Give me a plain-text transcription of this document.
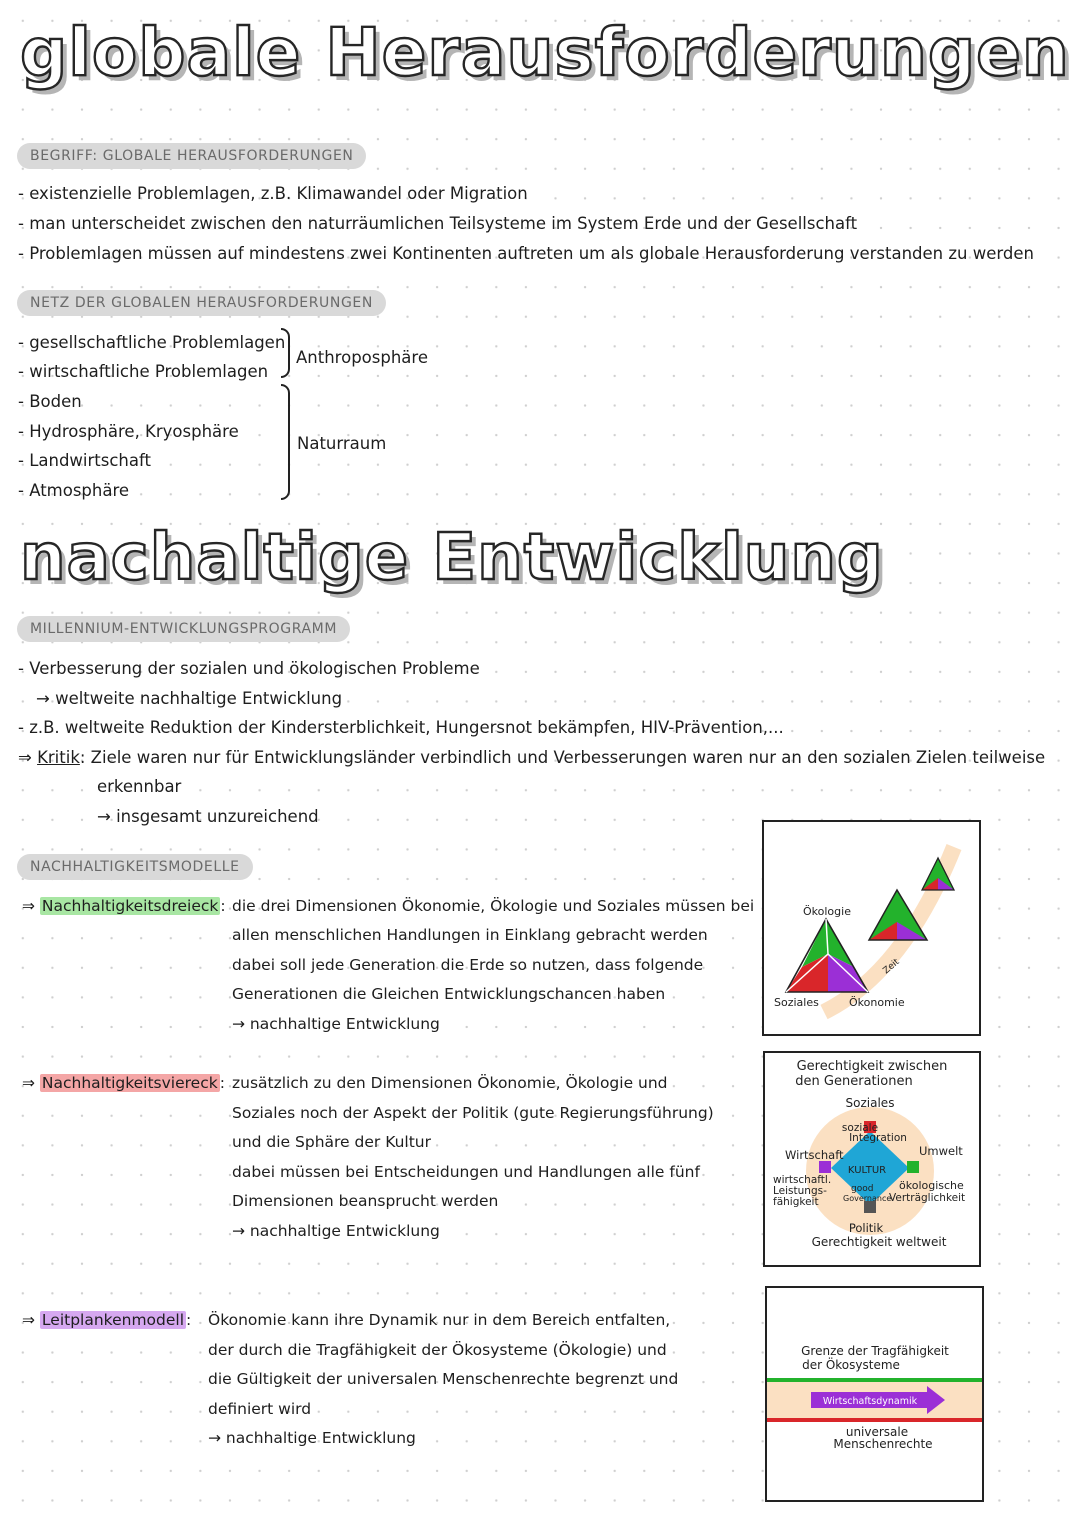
globale Herausforderungen
BEGRIFF: GLOBALE HERAUSFORDERUNGEN
- existenzielle Problemlagen, z.B. Klimawandel oder Migration
- man unterscheidet zwischen den naturräumlichen Teilsysteme im System Erde und der Gesellschaft
- Problemlagen müssen auf mindestens zwei Kontinenten auftreten um als globale Herausforderung verstanden zu werden
NETZ DER GLOBALEN HERAUSFORDERUNGEN
- gesellschaftliche Problemlagen
- wirtschaftliche Problemlagen
- Boden
- Hydrosphäre, Kryosphäre
- Landwirtschaft
- Atmosphäre
Anthroposphäre
Naturraum
nachaltige Entwicklung
MILLENNIUM-ENTWICKLUNGSPROGRAMM
- Verbesserung der sozialen und ökologischen Probleme
→ weltweite nachhaltige Entwicklung
- z.B. weltweite Reduktion der Kindersterblichkeit, Hungersnot bekämpfen, HIV-Prävention,...
⇒ Kritik: Ziele waren nur für Entwicklungsländer verbindlich und Verbesserungen waren nur an den sozialen Zielen teilweise
erkennbar
→ insgesamt unzureichend
NACHHALTIGKEITSMODELLE
⇒ Nachhaltigkeitsdreieck : die drei Dimensionen Ökonomie, Ökologie und Soziales müssen bei
allen menschlichen Handlungen in Einklang gebracht werden
dabei soll jede Generation die Erde so nutzen, dass folgende
Generationen die Gleichen Entwicklungschancen haben
→ nachhaltige Entwicklung
⇒ Nachhaltigkeitsviereck : zusätzlich zu den Dimensionen Ökonomie, Ökologie und
Soziales noch der Aspekt der Politik (gute Regierungsführung)
und die Sphäre der Kultur
dabei müssen bei Entscheidungen und Handlungen alle fünf
Dimensionen beansprucht werden
→ nachhaltige Entwicklung
⇒ Leitplankenmodell : Ökonomie kann ihre Dynamik nur in dem Bereich entfalten,
der durch die Tragfähigkeit der Ökosysteme (Ökologie) und
die Gültigkeit der universalen Menschenrechte begrenzt und
definiert wird
→ nachhaltige Entwicklung
Ökologie
Soziales	Ökonomie
Zeit
Gerechtigkeit zwischen
den Generationen
Soziales
soziale
Integration
Wirtschaft	Umwelt
KULTUR
wirtschaftl.
Leistungs-
fähigkeit
good
Governance
ökologische
Verträglichkeit
Politik
Gerechtigkeit weltweit
Grenze der Tragfähigkeit
der Ökosysteme
Wirtschaftsdynamik
universale
Menschenrechte
